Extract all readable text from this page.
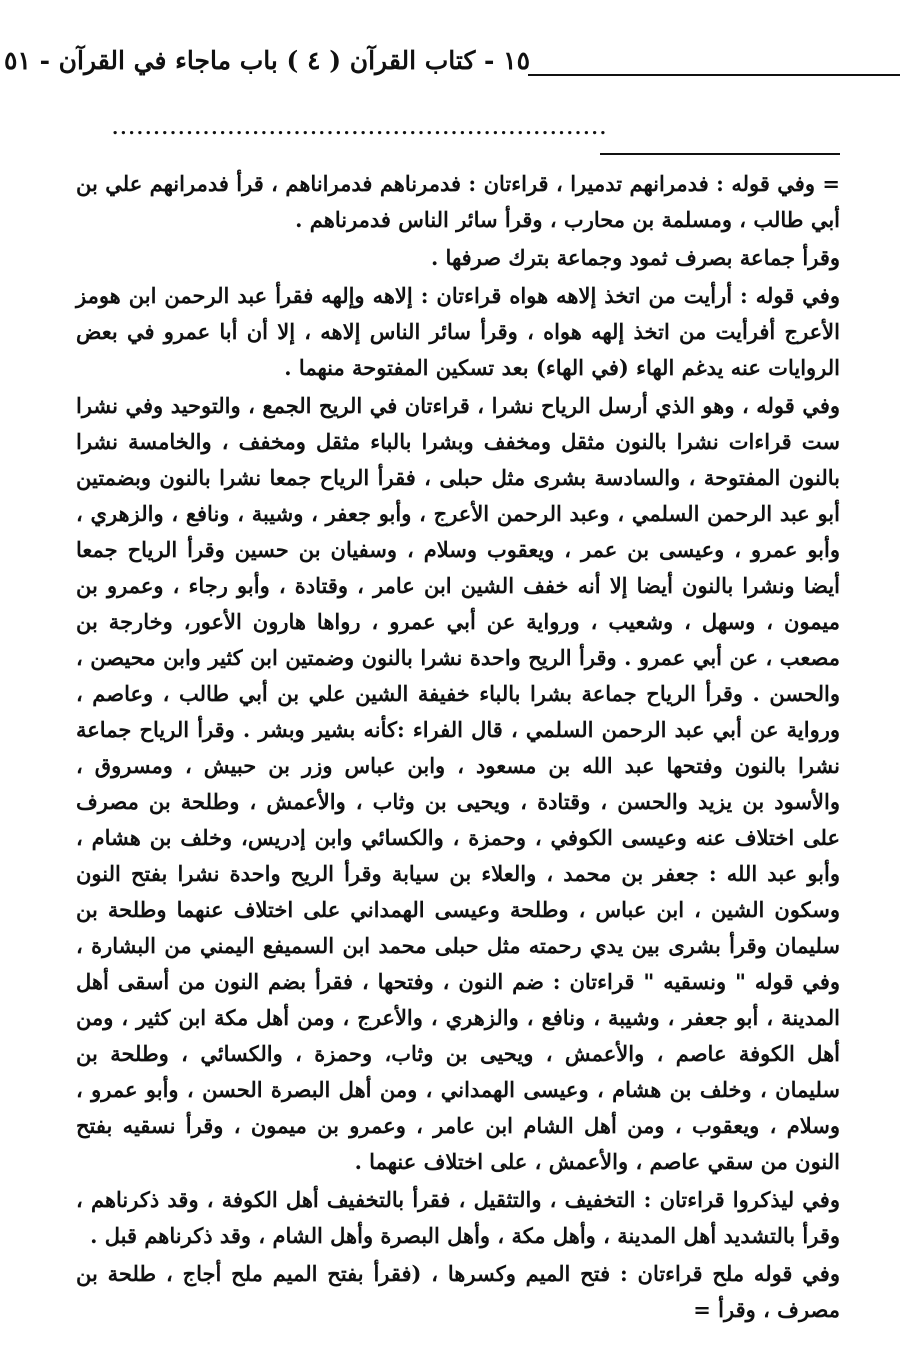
١٥ - كتاب القرآن ( ٤ ) باب ماجاء في القرآن - ٥١
............................................................

= وفي قوله : فدمرانهم تدميرا ، قراءتان : فدمرناهم فدمراناهم ، قرأ فدمرانهم علي بن أبي طالب ، ومسلمة بن محارب ، وقرأ سائر الناس فدمرناهم .

وقرأ جماعة بصرف ثمود وجماعة بترك صرفها .

وفي قوله : أرأيت من اتخذ إلاهه هواه قراءتان : إلاهه وإلهه فقرأ عبد الرحمن ابن هومز الأعرج أفرأيت من اتخذ إلهه هواه ، وقرأ سائر الناس إلاهه ، إلا أن أبا عمرو في بعض الروايات عنه يدغم الهاء (في الهاء) بعد تسكين المفتوحة منهما .

وفي قوله ، وهو الذي أرسل الرياح نشرا ، قراءتان في الريح الجمع ، والتوحيد وفي نشرا ست قراءات نشرا بالنون مثقل ومخفف وبشرا بالباء مثقل ومخفف ، والخامسة نشرا بالنون المفتوحة ، والسادسة بشرى مثل حبلى ، فقرأ الرياح جمعا نشرا بالنون وبضمتين أبو عبد الرحمن السلمي ، وعبد الرحمن الأعرج ، وأبو جعفر ، وشيبة ، ونافع ، والزهري ، وأبو عمرو ، وعيسى بن عمر ، ويعقوب وسلام ، وسفيان بن حسين وقرأ الرياح جمعا أيضا ونشرا بالنون أيضا إلا أنه خفف الشين ابن عامر ، وقتادة ، وأبو رجاء ، وعمرو بن ميمون ، وسهل ، وشعيب ، ورواية عن أبي عمرو ، رواها هارون الأعور، وخارجة بن مصعب ، عن أبي عمرو . وقرأ الريح واحدة نشرا بالنون وضمتين ابن كثير وابن محيصن ، والحسن . وقرأ الرياح جماعة بشرا بالباء خفيفة الشين علي بن أبي طالب ، وعاصم ، ورواية عن أبي عبد الرحمن السلمي ، قال الفراء :كأنه بشير وبشر . وقرأ الرياح جماعة نشرا بالنون وفتحها عبد الله بن مسعود ، وابن عباس وزر بن حبيش ، ومسروق ، والأسود بن يزيد والحسن ، وقتادة ، ويحيى بن وثاب ، والأعمش ، وطلحة بن مصرف على اختلاف عنه وعيسى الكوفي ، وحمزة ، والكسائي وابن إدريس، وخلف بن هشام ، وأبو عبد الله : جعفر بن محمد ، والعلاء بن سيابة وقرأ الريح واحدة نشرا بفتح النون وسكون الشين ، ابن عباس ، وطلحة وعيسى الهمداني على اختلاف عنهما وطلحة بن سليمان وقرأ بشرى بين يدي رحمته مثل حبلى محمد ابن السميفع اليمني من البشارة ، وفي قوله " ونسقيه " قراءتان : ضم النون ، وفتحها ، فقرأ بضم النون من أسقى أهل المدينة ، أبو جعفر ، وشيبة ، ونافع ، والزهري ، والأعرج ، ومن أهل مكة ابن كثير ، ومن أهل الكوفة عاصم ، والأعمش ، ويحيى بن وثاب، وحمزة ، والكسائي ، وطلحة بن سليمان ، وخلف بن هشام ، وعيسى الهمداني ، ومن أهل البصرة الحسن ، وأبو عمرو ، وسلام ، ويعقوب ، ومن أهل الشام ابن عامر ، وعمرو بن ميمون ، وقرأ نسقيه بفتح النون من سقي عاصم ، والأعمش ، على اختلاف عنهما .

وفي ليذكروا قراءتان : التخفيف ، والتثقيل ، فقرأ بالتخفيف أهل الكوفة ، وقد ذكرناهم ، وقرأ بالتشديد أهل المدينة ، وأهل مكة ، وأهل البصرة وأهل الشام ، وقد ذكرناهم قبل .

وفي قوله ملح قراءتان : فتح الميم وكسرها ، (فقرأ بفتح الميم ملح أجاج ، طلحة بن مصرف ، وقرأ =
